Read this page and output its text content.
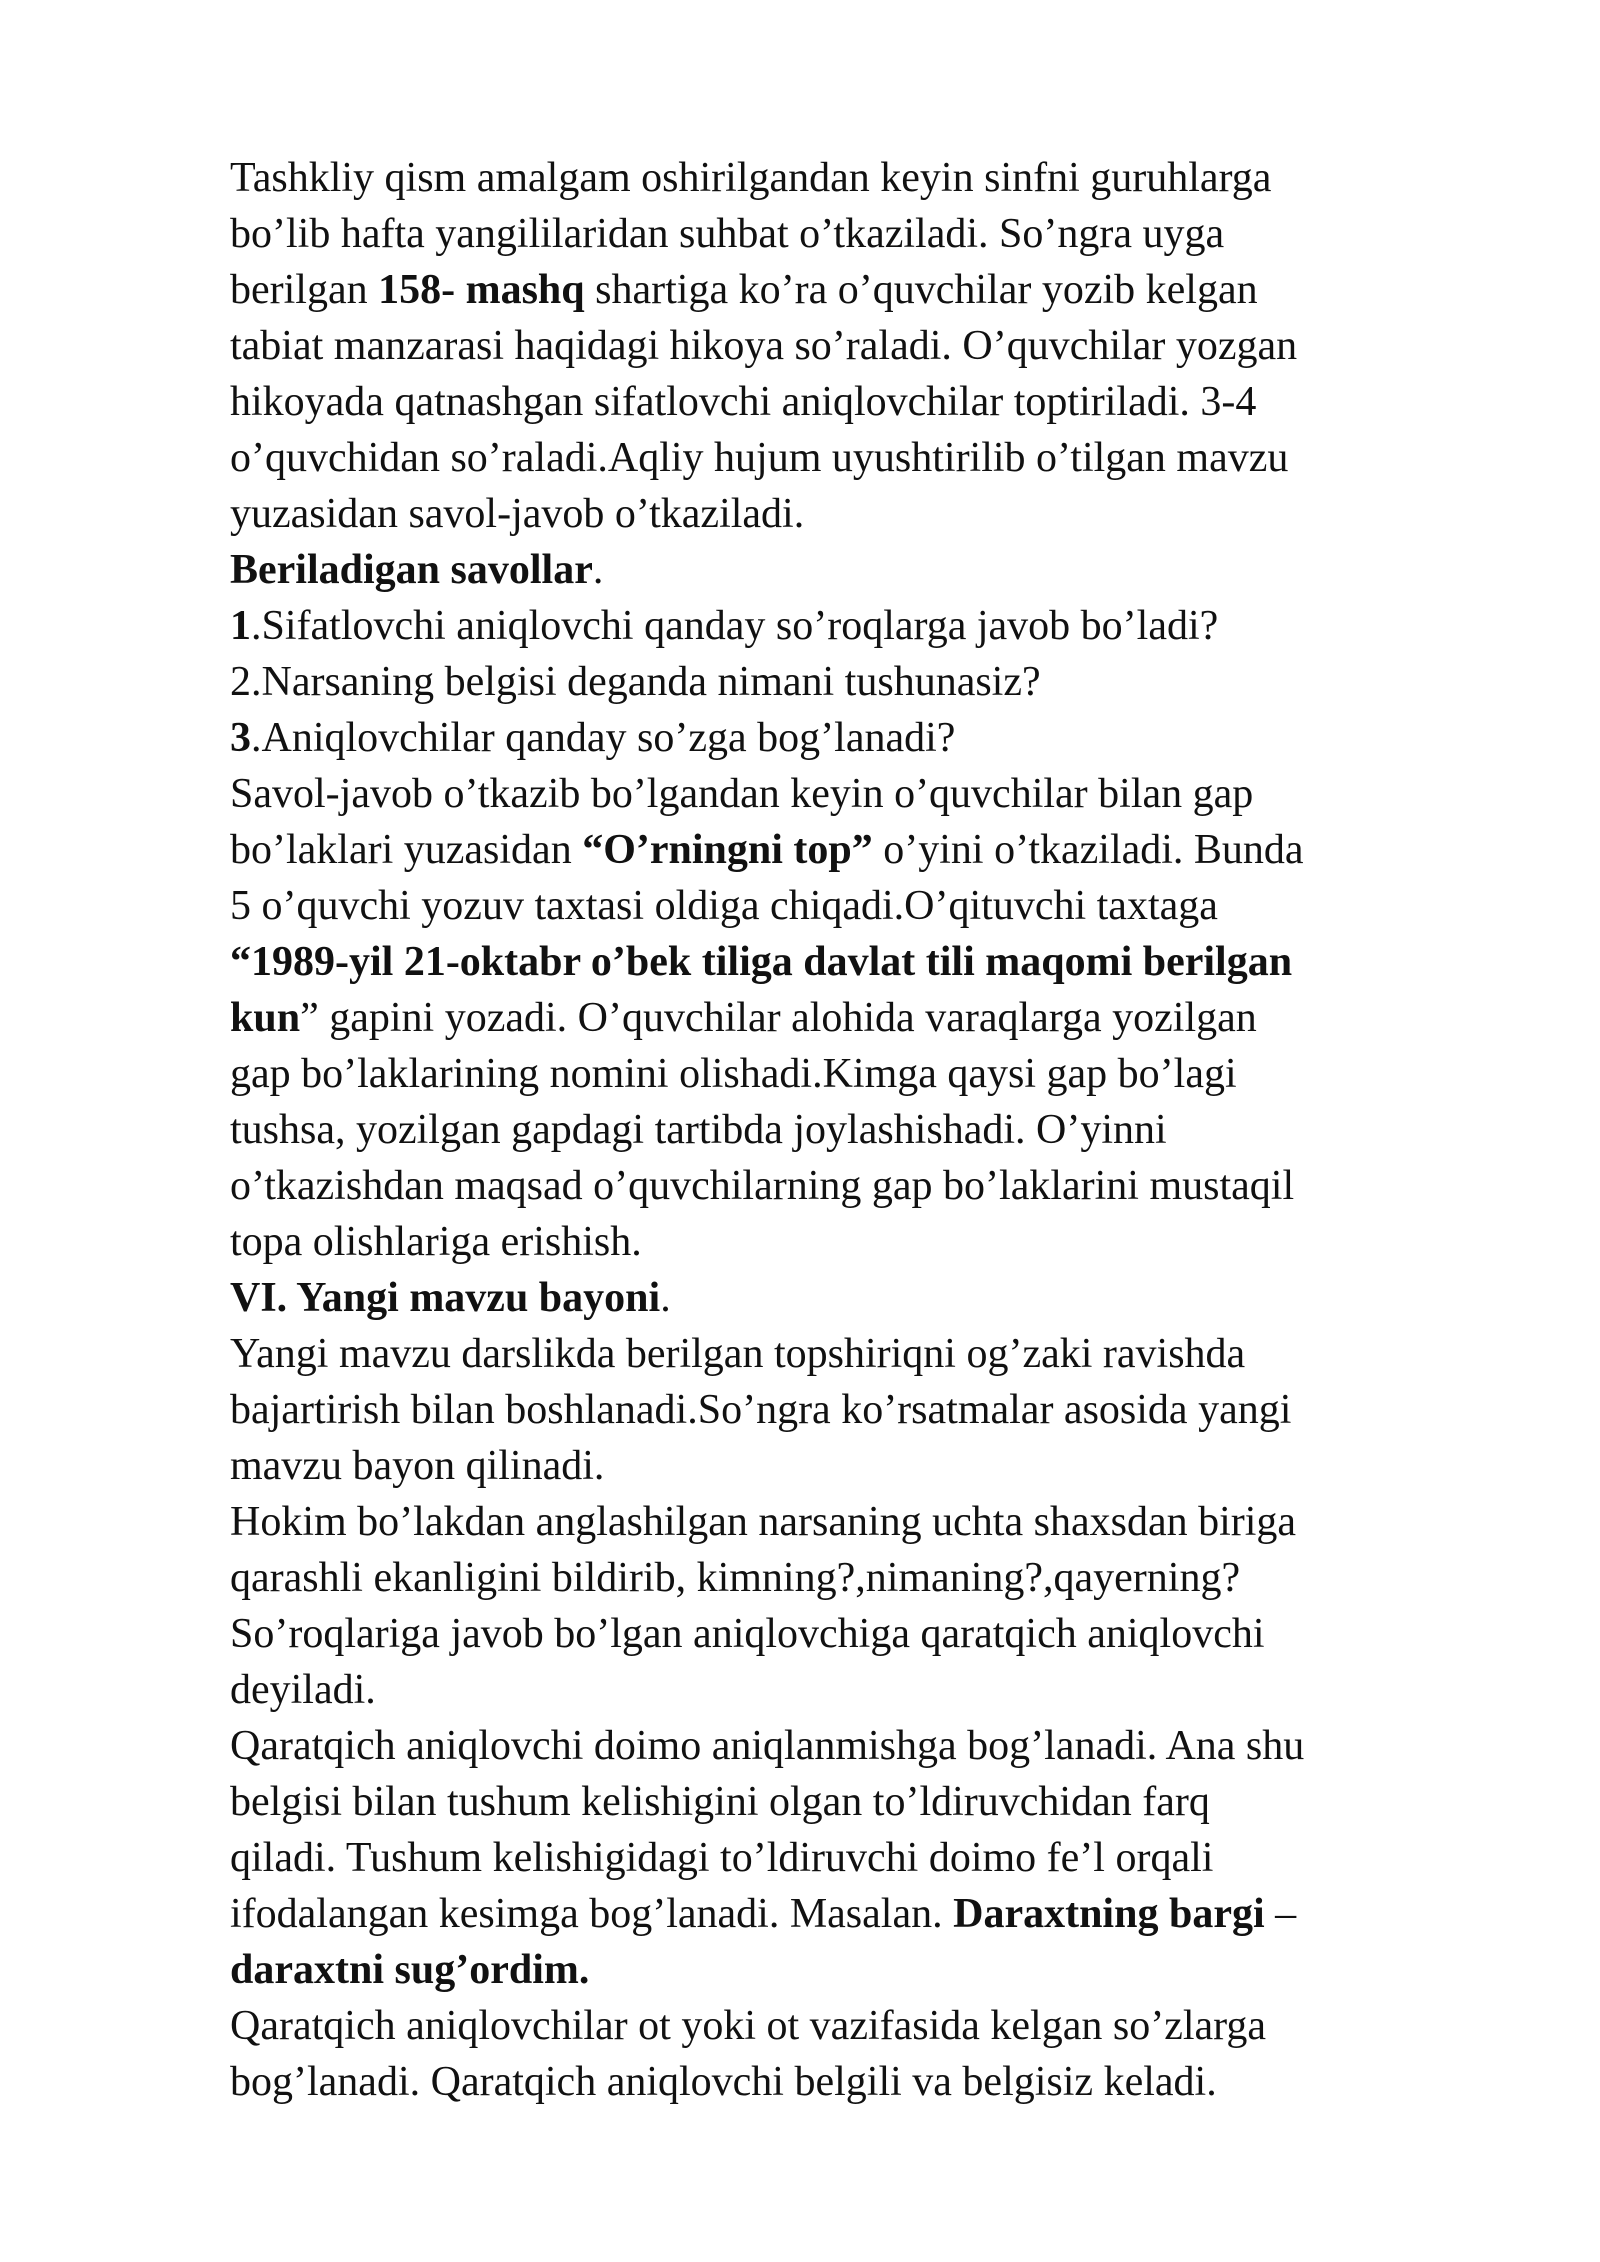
Tashkliy qism amalgam oshirilgandan keyin sinfni guruhlarga
bo’lib hafta yangililaridan suhbat o’tkaziladi. So’ngra uyga
berilgan 158- mashq shartiga ko’ra o’quvchilar yozib kelgan
tabiat manzarasi haqidagi hikoya so’raladi. O’quvchilar yozgan
hikoyada qatnashgan sifatlovchi aniqlovchilar toptiriladi. 3-4
o’quvchidan so’raladi.Aqliy hujum uyushtirilib o’tilgan mavzu
yuzasidan savol-javob o’tkaziladi.
Beriladigan savollar.
1.Sifatlovchi aniqlovchi qanday so’roqlarga javob bo’ladi?
2.Narsaning belgisi deganda nimani tushunasiz?
3.Aniqlovchilar qanday so’zga bog’lanadi?
Savol-javob o’tkazib bo’lgandan keyin o’quvchilar bilan gap
bo’laklari yuzasidan “O’rningni top” o’yini o’tkaziladi. Bunda
5 o’quvchi yozuv taxtasi oldiga chiqadi.O’qituvchi taxtaga
“1989-yil 21-oktabr o’bek tiliga davlat tili maqomi berilgan
kun” gapini yozadi. O’quvchilar alohida varaqlarga yozilgan
gap bo’laklarining nomini olishadi.Kimga qaysi gap bo’lagi
tushsa, yozilgan gapdagi tartibda joylashishadi. O’yinni
o’tkazishdan maqsad o’quvchilarning gap bo’laklarini mustaqil
topa olishlariga erishish.
VI. Yangi mavzu bayoni.
Yangi mavzu darslikda berilgan topshiriqni og’zaki ravishda
bajartirish bilan boshlanadi.So’ngra ko’rsatmalar asosida yangi
mavzu bayon qilinadi.
Hokim bo’lakdan anglashilgan narsaning uchta shaxsdan biriga
qarashli ekanligini bildirib, kimning?,nimaning?,qayerning?
So’roqlariga javob bo’lgan aniqlovchiga qaratqich aniqlovchi
deyiladi.
Qaratqich aniqlovchi doimo aniqlanmishga bog’lanadi. Ana shu
belgisi bilan tushum kelishigini olgan to’ldiruvchidan farq
qiladi. Tushum kelishigidagi to’ldiruvchi doimo fe’l orqali
ifodalangan kesimga bog’lanadi. Masalan. Daraxtning bargi –
daraxtni sug’ordim.
Qaratqich aniqlovchilar ot yoki ot vazifasida kelgan so’zlarga
bog’lanadi. Qaratqich aniqlovchi belgili va belgisiz keladi.
